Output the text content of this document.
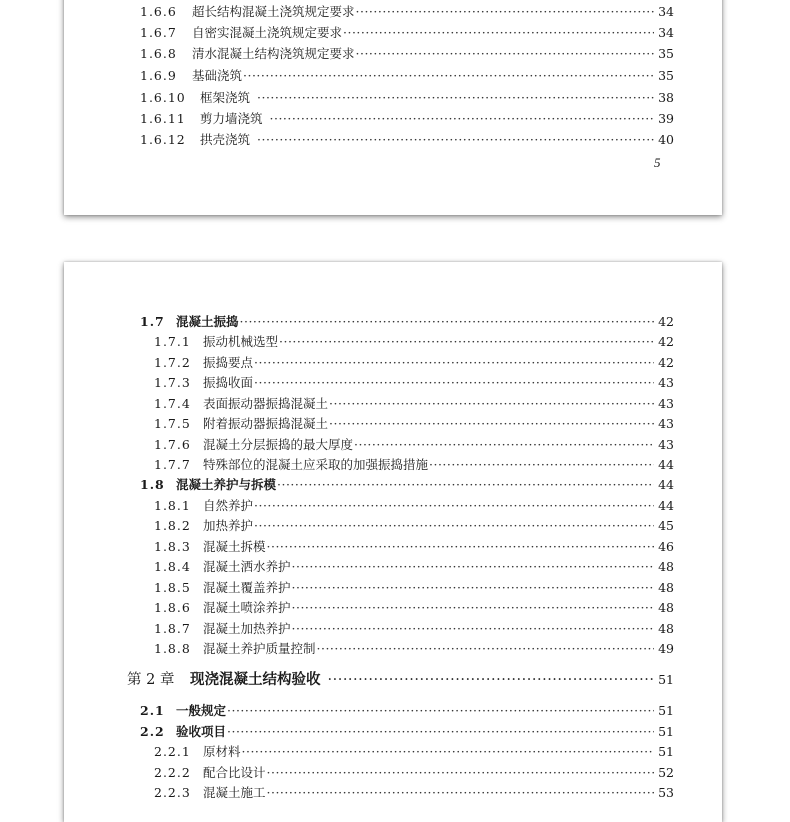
1.6.6	超长结构混凝土浇筑规定要求 ·····	34
1.6.7	自密实混凝土浇筑规定要求 ·····	34
1.6.8	清水混凝土结构浇筑规定要求 ·····	35
1.6.9	基础浇筑 ·····	35
1.6.10	框架浇筑 ·····	38
1.6.11	剪力墙浇筑 ·····	39
1.6.12	拱壳浇筑 ·····	40
5
1.7 混凝土振捣 ·····	42
1.7.1 振动机械选型 ·····	42
1.7.2 振捣要点 ·····	42
1.7.3 振捣收面 ·····	43
1.7.4 表面振动器振捣混凝土 ·····	43
1.7.5 附着振动器振捣混凝土 ·····	43
1.7.6 混凝土分层振捣的最大厚度 ·····	43
1.7.7 特殊部位的混凝土应采取的加强振捣措施 ·····	44
1.8 混凝土养护与拆模 ·····	44
1.8.1 自然养护 ·····	44
1.8.2 加热养护 ·····	45
1.8.3 混凝土拆模 ·····	46
1.8.4 混凝土洒水养护 ·····	48
1.8.5 混凝土覆盖养护 ·····	48
1.8.6 混凝土喷涂养护 ·····	48
1.8.7 混凝土加热养护 ·····	48
1.8.8 混凝土养护质量控制 ·····	49
第 2 章	现浇混凝土结构验收 ·····	51
2.1 一般规定 ·····	51
2.2 验收项目 ·····	51
2.2.1 原材料 ·····	51
2.2.2 配合比设计 ·····	52
2.2.3 混凝土施工 ·····	53
